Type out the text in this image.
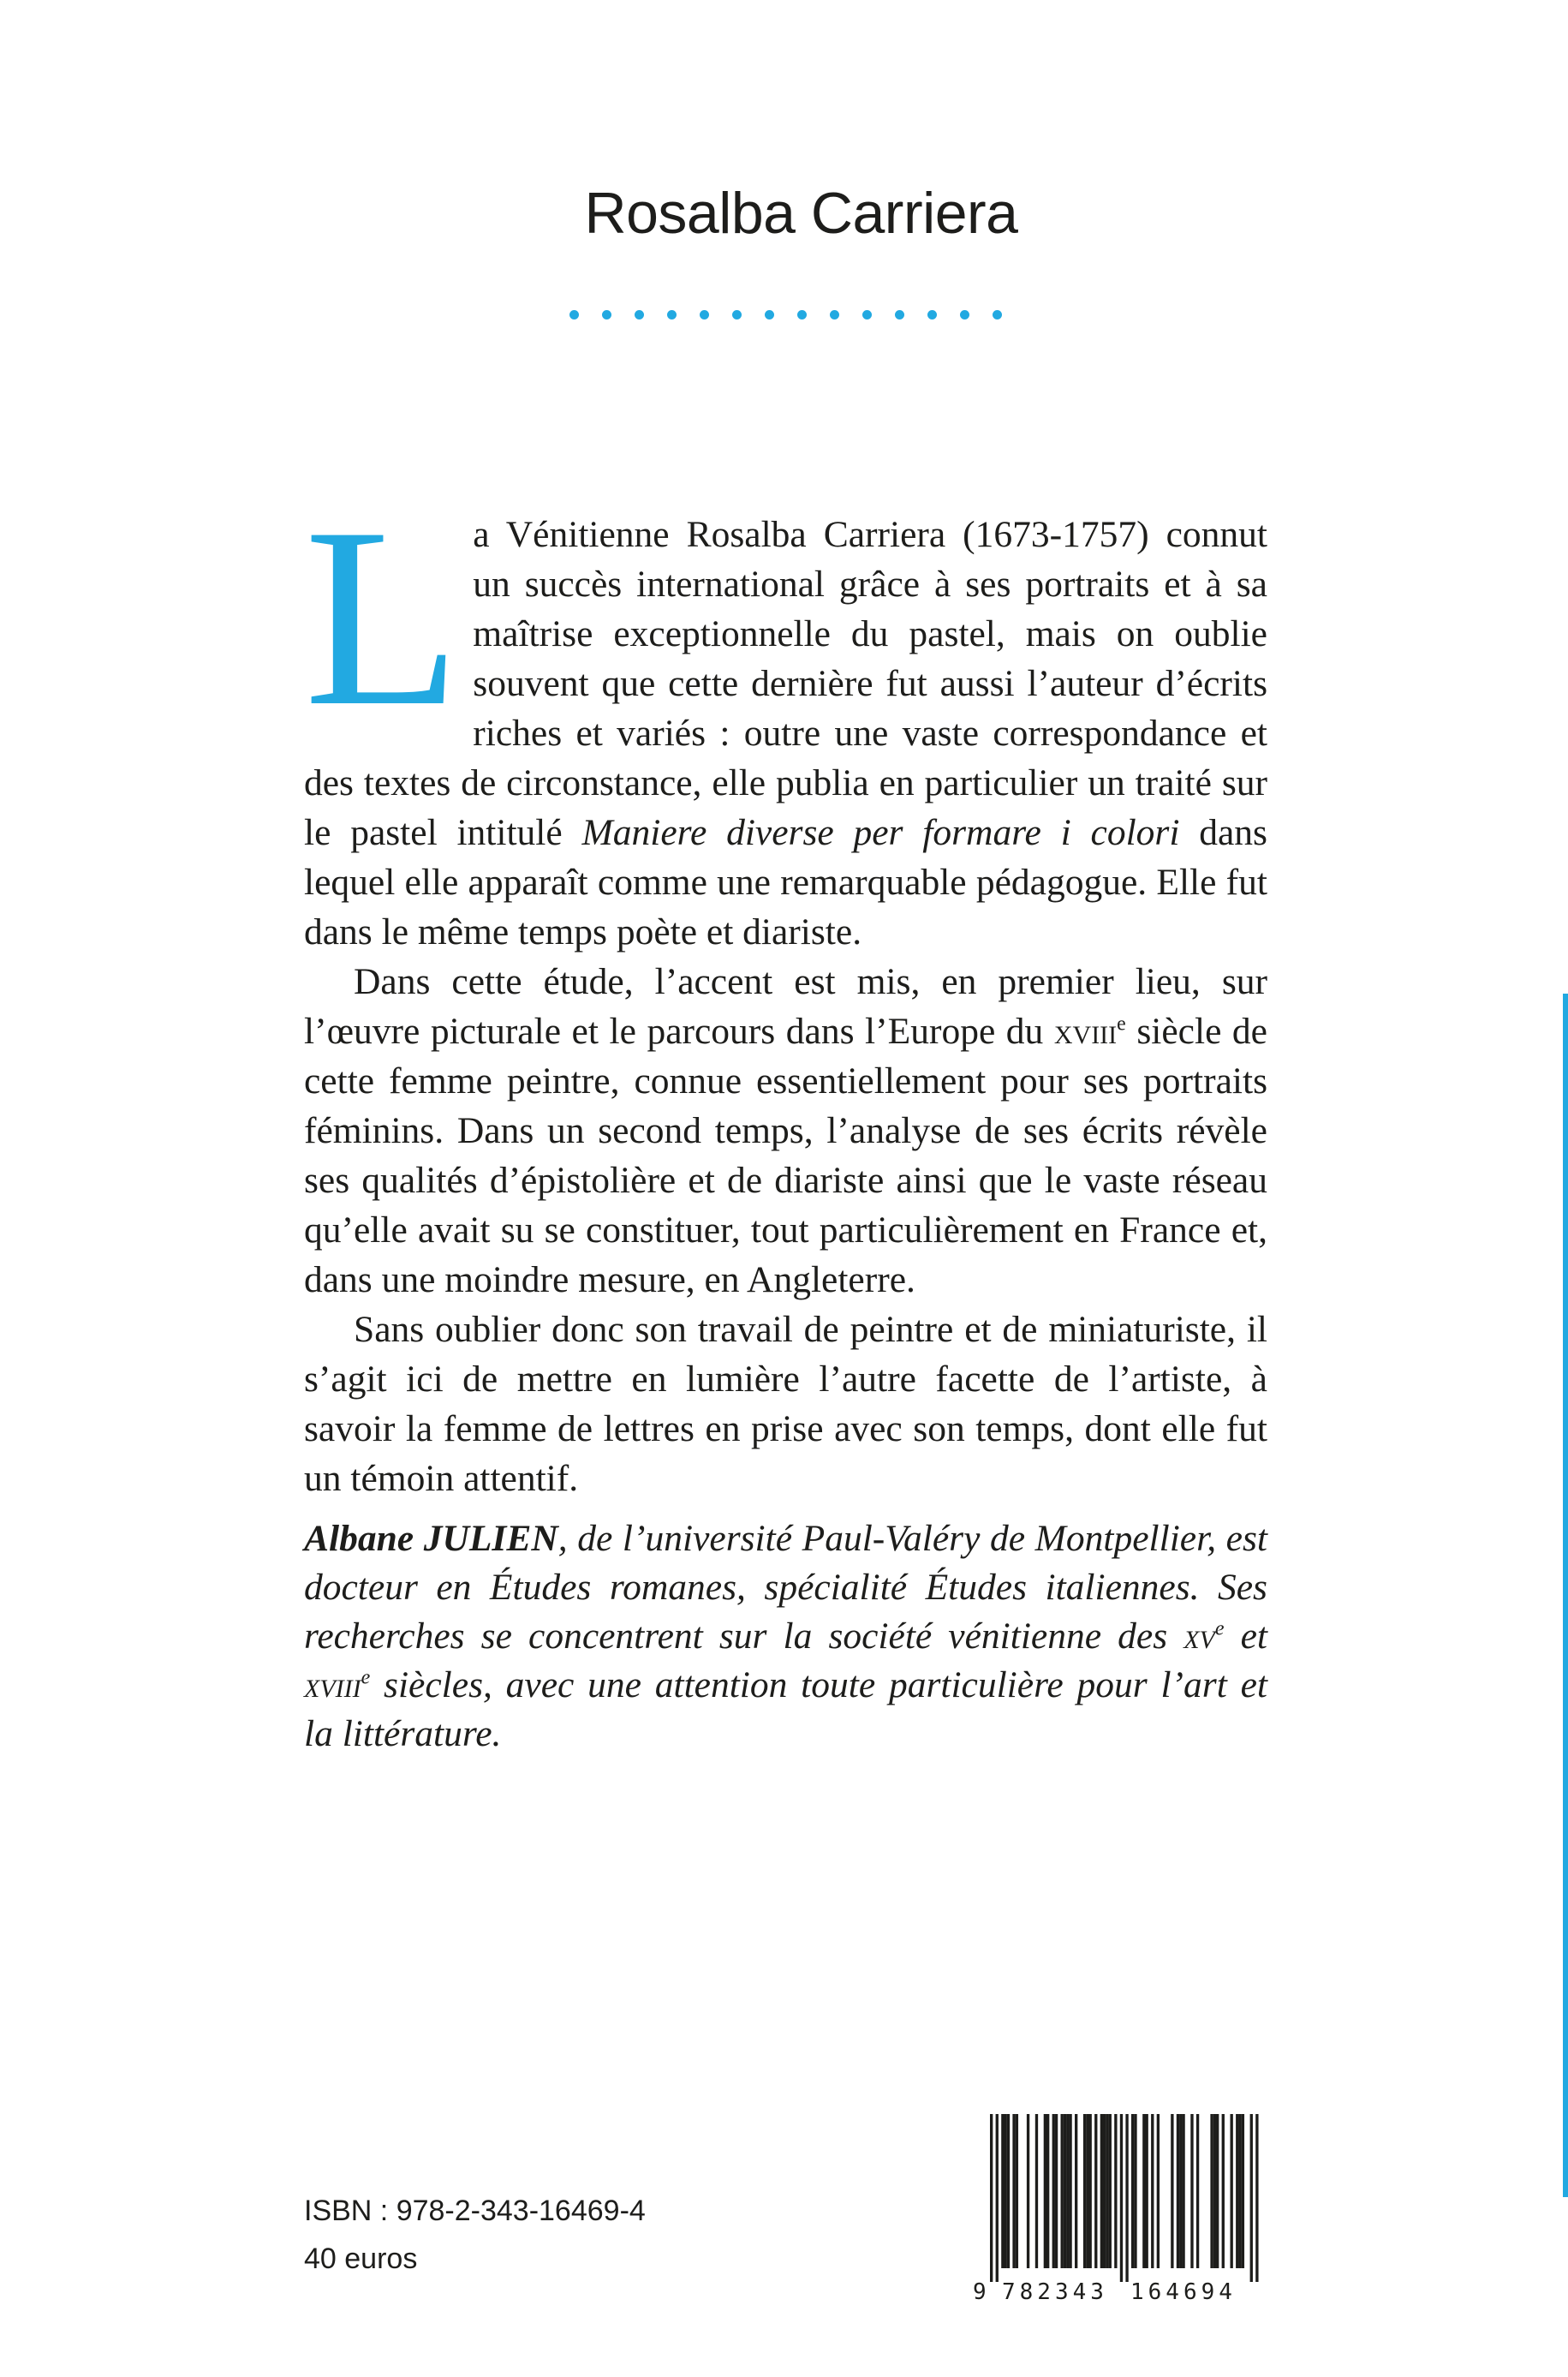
Rosalba Carriera

La Vénitienne Rosalba Carriera (1673-1757) connut un succès international grâce à ses portraits et à sa maîtrise exceptionnelle du pastel, mais on oublie souvent que cette dernière fut aussi l’auteur d’écrits riches et variés : outre une vaste correspondance et des textes de circonstance, elle publia en particulier un traité sur le pastel intitulé Maniere diverse per formare i colori dans lequel elle apparaît comme une remarquable pédagogue. Elle fut dans le même temps poète et diariste.

Dans cette étude, l’accent est mis, en premier lieu, sur l’œuvre picturale et le parcours dans l’Europe du xviii$^e$ siècle de cette femme peintre, connue essentiellement pour ses portraits féminins. Dans un second temps, l’analyse de ses écrits révèle ses qualités d’épistolière et de diariste ainsi que le vaste réseau qu’elle avait su se constituer, tout particulièrement en France et, dans une moindre mesure, en Angleterre.

Sans oublier donc son travail de peintre et de miniaturiste, il s’agit ici de mettre en lumière l’autre facette de l’artiste, à savoir la femme de lettres en prise avec son temps, dont elle fut un témoin attentif.

Albane JULIEN, de l’université Paul-Valéry de Montpellier, est docteur en Études romanes, spécialité Études italiennes. Ses recherches se concentrent sur la société vénitienne des $xv^e$ et xviii$^e$ siècles, avec une attention toute particulière pour l’art et la littérature.

ISBN : 978-2-343-16469-4
40 euros
9 782343 164694
